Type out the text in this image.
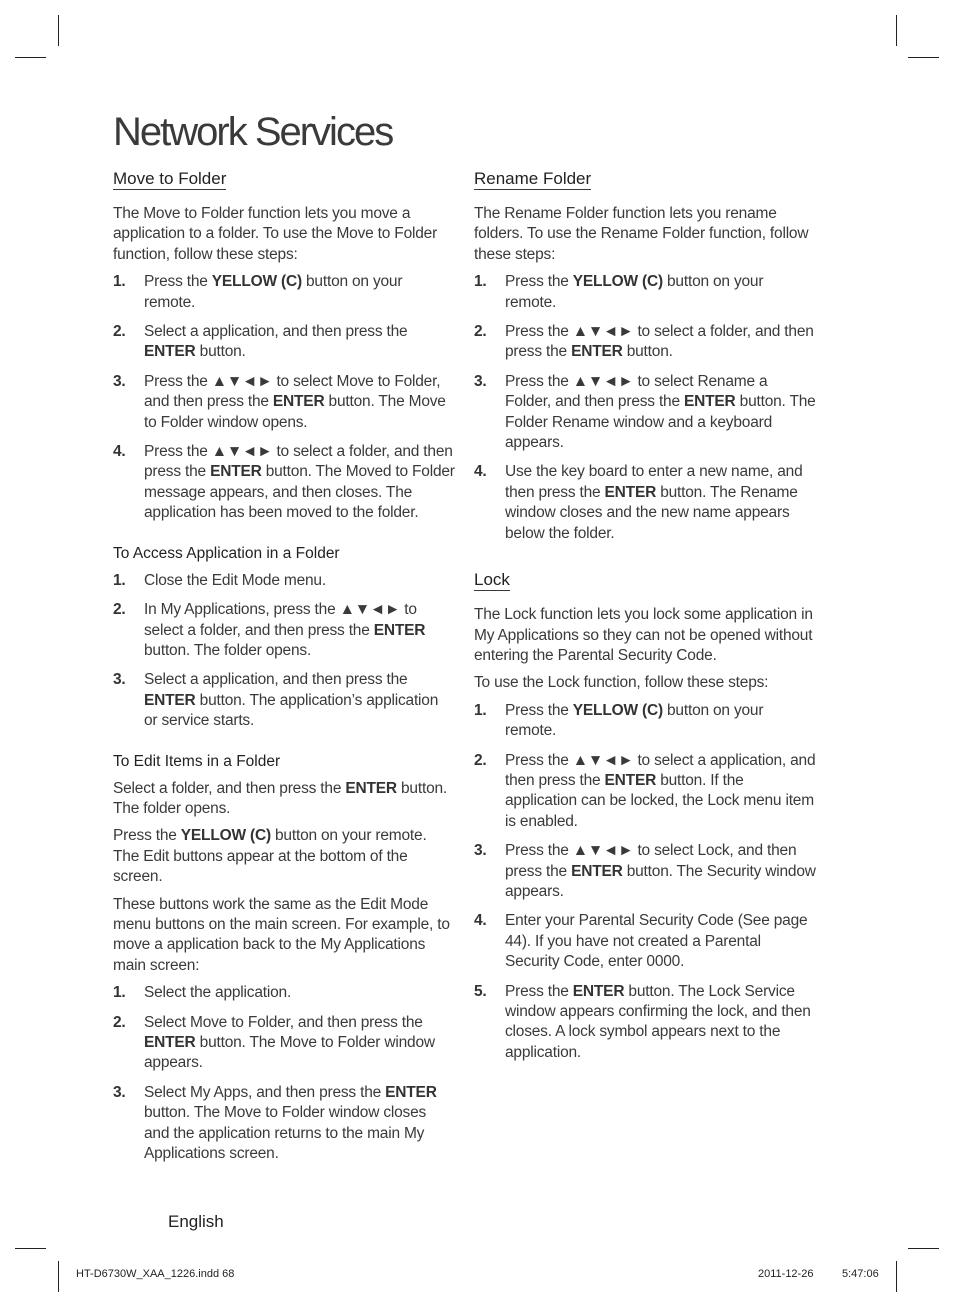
Network Services
Move to Folder

The Move to Folder function lets you move a application to a folder. To use the Move to Folder function, follow these steps:

1. Press the YELLOW (C) button on your remote.
2. Select a application, and then press the ENTER button.
3. Press the ▲▼◄► to select Move to Folder, and then press the ENTER button. The Move to Folder window opens.
4. Press the ▲▼◄► to select a folder, and then press the ENTER button. The Moved to Folder message appears, and then closes. The application has been moved to the folder.
To Access Application in a Folder
1. Close the Edit Mode menu.
2. In My Applications, press the ▲▼◄► to select a folder, and then press the ENTER button. The folder opens.
3. Select a application, and then press the ENTER button. The application’s application or service starts.
To Edit Items in a Folder

Select a folder, and then press the ENTER button. The folder opens.

Press the YELLOW (C) button on your remote. The Edit buttons appear at the bottom of the screen.

These buttons work the same as the Edit Mode menu buttons on the main screen. For example, to move a application back to the My Applications main screen:

1. Select the application.
2. Select Move to Folder, and then press the ENTER button. The Move to Folder window appears.
3. Select My Apps, and then press the ENTER button. The Move to Folder window closes and the application returns to the main My Applications screen.
Rename Folder

The Rename Folder function lets you rename folders. To use the Rename Folder function, follow these steps:

1. Press the YELLOW (C) button on your remote.
2. Press the ▲▼◄► to select a folder, and then press the ENTER button.
3. Press the ▲▼◄► to select Rename a Folder, and then press the ENTER button. The Folder Rename window and a keyboard appears.
4. Use the key board to enter a new name, and then press the ENTER button. The Rename window closes and the new name appears below the folder.
Lock

The Lock function lets you lock some application in My Applications so they can not be opened without entering the Parental Security Code.

To use the Lock function, follow these steps:

1. Press the YELLOW (C) button on your remote.
2. Press the ▲▼◄► to select a application, and then press the ENTER button. If the application can be locked, the Lock menu item is enabled.
3. Press the ▲▼◄► to select Lock, and then press the ENTER button. The Security window appears.
4. Enter your Parental Security Code (See page 44). If you have not created a Parental Security Code, enter 0000.
5. Press the ENTER button. The Lock Service window appears confirming the lock, and then closes. A lock symbol appears next to the application.
English
HT-D6730W_XAA_1226.indd 68	2011-12-26	5:47:06
